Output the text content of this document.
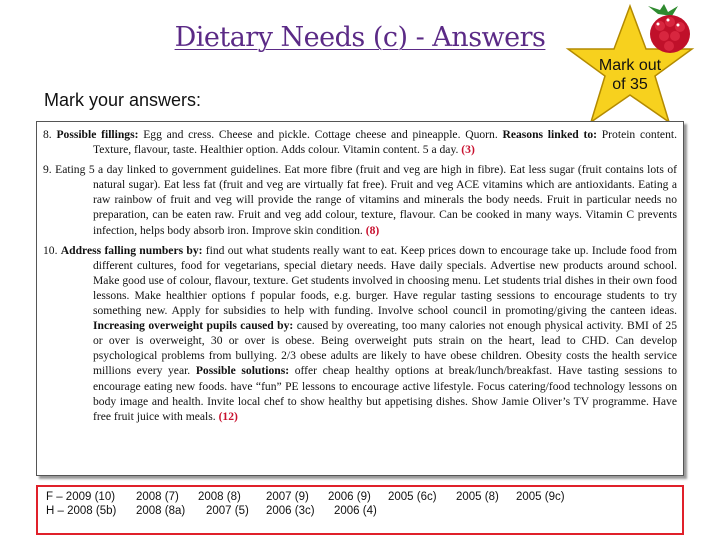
Dietary Needs (c) - Answers
Mark out
of 35
Mark your answers:

8. Possible fillings: Egg and cress. Cheese and pickle. Cottage cheese and pineapple. Quorn. Reasons linked to: Protein content. Texture, flavour, taste. Healthier option. Adds colour. Vitamin content. 5 a day. (3)

9. Eating 5 a day linked to government guidelines. Eat more fibre (fruit and veg are high in fibre). Eat less sugar (fruit contains lots of natural sugar). Eat less fat (fruit and veg are virtually fat free). Fruit and veg ACE vitamins which are antioxidants. Eating a raw rainbow of fruit and veg will provide the range of vitamins and minerals the body needs. Fruit in particular needs no preparation, can be eaten raw. Fruit and veg add colour, texture, flavour. Can be cooked in many ways. Vitamin C prevents infection, helps body absorb iron. Improve skin condition. (8)

10. Address falling numbers by: find out what students really want to eat. Keep prices down to encourage take up. Include food from different cultures, food for vegetarians, special dietary needs. Have daily specials. Advertise new products around school. Make good use of colour, flavour, texture. Get students involved in choosing menu. Let students trial dishes in their own food lessons. Make healthier options f popular foods, e.g. burger. Have regular tasting sessions to encourage students to try something new. Apply for subsidies to help with funding. Involve school council in promoting/giving the canteen ideas. Increasing overweight pupils caused by: caused by overeating, too many calories not enough physical activity. BMI of 25 or over is overweight, 30 or over is obese. Being overweight puts strain on the heart, lead to CHD. Can develop psychological problems from bullying. 2/3 obese adults are likely to have obese children. Obesity costs the health service millions every year. Possible solutions: offer cheap healthy options at break/lunch/breakfast. Have tasting sessions to encourage eating new foods. have “fun” PE lessons to encourage active lifestyle. Focus catering/food technology lessons on body image and health. Invite local chef to show healthy but appetising dishes. Show Jamie Oliver’s TV programme. Have free fruit juice with meals. (12)

F – 2009 (10)	2008 (7)	2008 (8)	2007 (9)	2006 (9)	2005 (6c)	2005 (8)	2005 (9c)
H – 2008 (5b)	2008 (8a)	2007 (5)	2006 (3c)	2006 (4)
